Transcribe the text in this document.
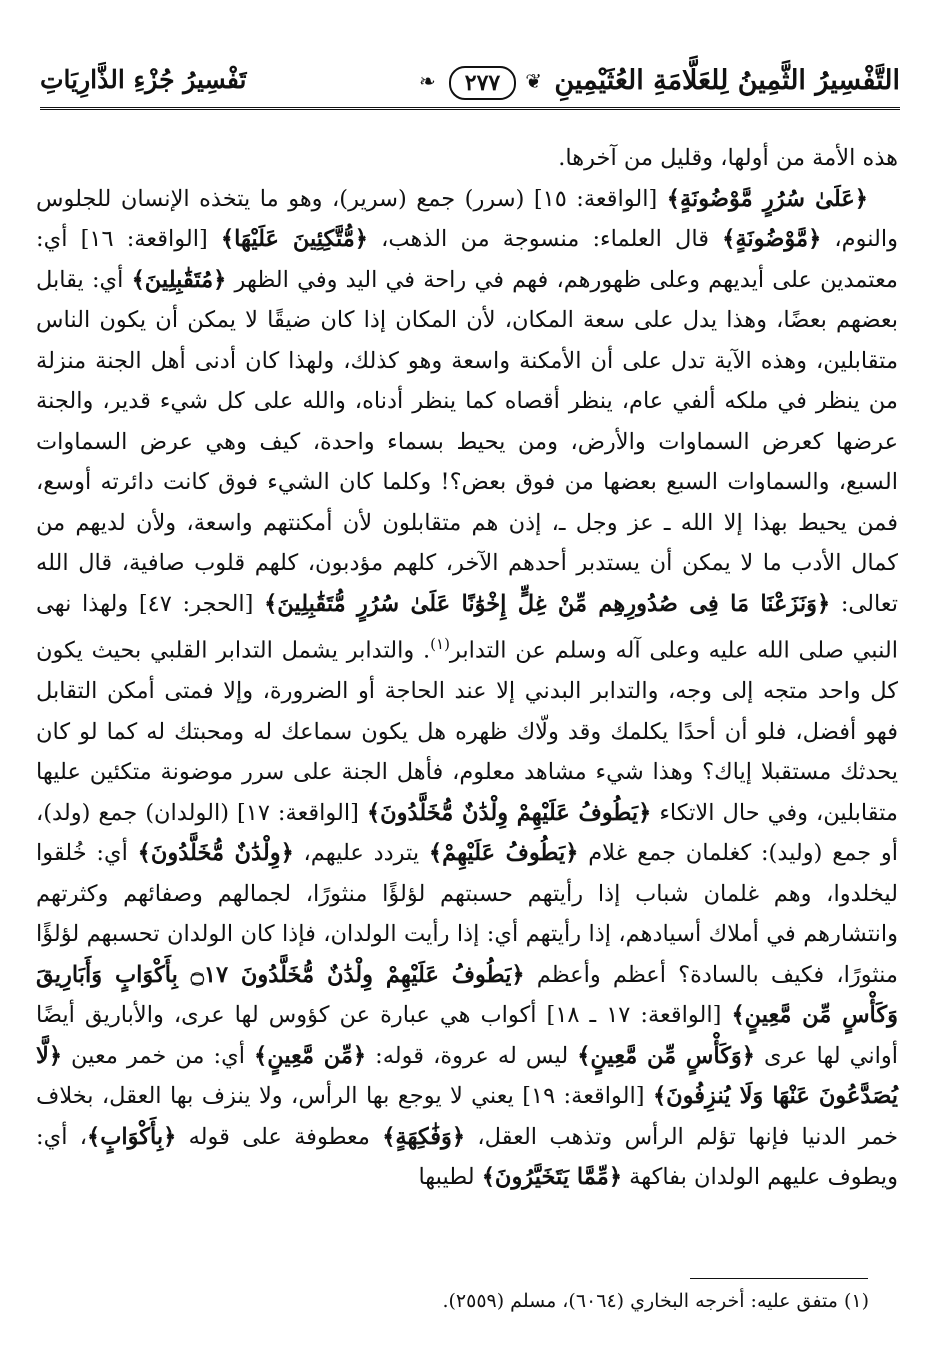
التَّفْسِيرُ الثَّمِينُ لِلعَلَّامَةِ العُثَيْمِينِ
❦
٢٧٧
❧
تَفْسِيرُ جُزْءِ الذَّارِيَاتِ

هذه الأمة من أولها، وقليل من آخرها.

﴿عَلَىٰ سُرُرٍ مَّوْضُونَةٍ﴾ [الواقعة: ١٥] (سرر) جمع (سرير)، وهو ما يتخذه الإنسان للجلوس والنوم، ﴿مَّوْضُونَةٍ﴾ قال العلماء: منسوجة من الذهب، ﴿مُّتَّكِئِينَ عَلَيْهَا﴾ [الواقعة: ١٦] أي: معتمدين على أيديهم وعلى ظهورهم، فهم في راحة في اليد وفي الظهر ﴿مُتَقَٰبِلِينَ﴾ أي: يقابل بعضهم بعضًا، وهذا يدل على سعة المكان، لأن المكان إذا كان ضيقًا لا يمكن أن يكون الناس متقابلين، وهذه الآية تدل على أن الأمكنة واسعة وهو كذلك، ولهذا كان أدنى أهل الجنة منزلة من ينظر في ملكه ألفي عام، ينظر أقصاه كما ينظر أدناه، والله على كل شيء قدير، والجنة عرضها كعرض السماوات والأرض، ومن يحيط بسماء واحدة، كيف وهي عرض السماوات السبع، والسماوات السبع بعضها من فوق بعض؟! وكلما كان الشيء فوق كانت دائرته أوسع، فمن يحيط بهذا إلا الله ـ عز وجل ـ، إذن هم متقابلون لأن أمكنتهم واسعة، ولأن لديهم من كمال الأدب ما لا يمكن أن يستدبر أحدهم الآخر، كلهم مؤدبون، كلهم قلوب صافية، قال الله تعالى: ﴿وَنَزَعْنَا مَا فِى صُدُورِهِم مِّنْ غِلٍّ إِخْوَٰنًا عَلَىٰ سُرُرٍ مُّتَقَٰبِلِينَ﴾ [الحجر: ٤٧] ولهذا نهى النبي صلى الله عليه وعلى آله وسلم عن التدابر$^{(١)}$. والتدابر يشمل التدابر القلبي بحيث يكون كل واحد متجه إلى وجه، والتدابر البدني إلا عند الحاجة أو الضرورة، وإلا فمتى أمكن التقابل فهو أفضل، فلو أن أحدًا يكلمك وقد ولّاك ظهره هل يكون سماعك له ومحبتك له كما لو كان يحدثك مستقبلا إياك؟ وهذا شيء مشاهد معلوم، فأهل الجنة على سرر موضونة متكئين عليها متقابلين، وفي حال الاتكاء ﴿يَطُوفُ عَلَيْهِمْ وِلْدَٰنٌ مُّخَلَّدُونَ﴾ [الواقعة: ١٧] (الولدان) جمع (ولد)، أو جمع (وليد): كغلمان جمع غلام ﴿يَطُوفُ عَلَيْهِمْ﴾ يتردد عليهم، ﴿وِلْدَٰنٌ مُّخَلَّدُونَ﴾ أي: خُلقوا ليخلدوا، وهم غلمان شباب إذا رأيتهم حسبتهم لؤلؤًا منثورًا، لجمالهم وصفائهم وكثرتهم وانتشارهم في أملاك أسيادهم، إذا رأيتهم أي: إذا رأيت الولدان، فإذا كان الولدان تحسبهم لؤلؤًا منثورًا، فكيف بالسادة؟ أعظم وأعظم ﴿يَطُوفُ عَلَيْهِمْ وِلْدَٰنٌ مُّخَلَّدُونَ ۝١٧ بِأَكْوَابٍ وَأَبَارِيقَ وَكَأْسٍ مِّن مَّعِينٍ﴾ [الواقعة: ١٧ ـ ١٨] أكواب هي عبارة عن كؤوس لها عرى، والأباريق أيضًا أواني لها عرى ﴿وَكَأْسٍ مِّن مَّعِينٍ﴾ ليس له عروة، قوله: ﴿مِّن مَّعِينٍ﴾ أي: من خمر معين ﴿لَّا يُصَدَّعُونَ عَنْهَا وَلَا يُنزِفُونَ﴾ [الواقعة: ١٩] يعني لا يوجع بها الرأس، ولا ينزف بها العقل، بخلاف خمر الدنيا فإنها تؤلم الرأس وتذهب العقل، ﴿وَفَٰكِهَةٍ﴾ معطوفة على قوله ﴿بِأَكْوَابٍ﴾، أي: ويطوف عليهم الولدان بفاكهة ﴿مِّمَّا يَتَخَيَّرُونَ﴾ لطيبها

(١) متفق عليه: أخرجه البخاري (٦٠٦٤)، مسلم (٢٥٥٩).
